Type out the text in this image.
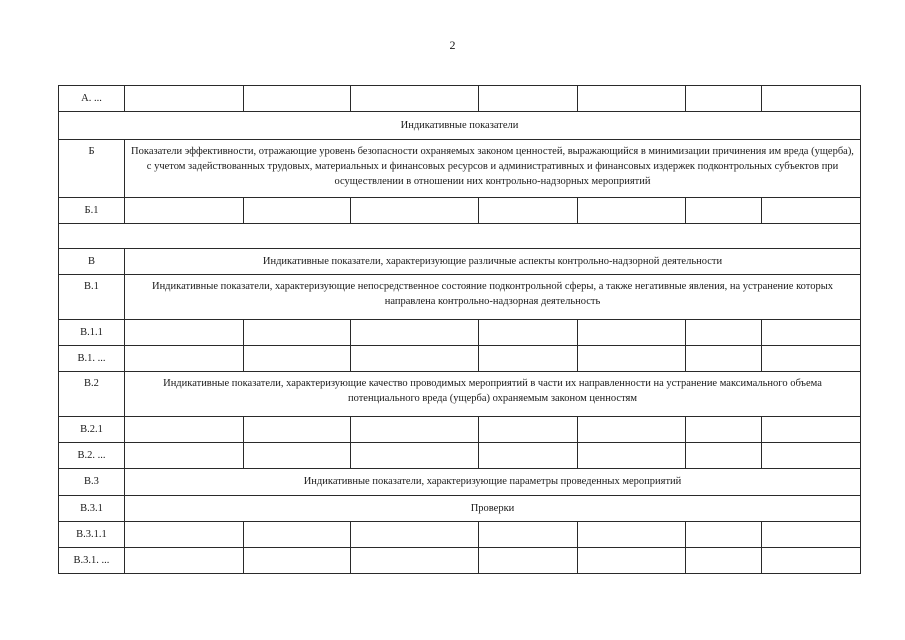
2
А. ...							
Индикативные показатели							
Б	Показатели эффективности, отражающие уровень безопасности охраняемых законом ценностей, выражающийся в минимизации причинения им вреда (ущерба), с учетом задействованных трудовых, материальных и финансовых ресурсов и административных и финансовых издержек подконтрольных субъектов при осуществлении в отношении них контрольно-надзорных мероприятий						
Б.1							

В	Индикативные показатели, характеризующие различные аспекты контрольно-надзорной деятельности						
В.1	Индикативные показатели, характеризующие непосредственное состояние подконтрольной сферы, а также негативные явления, на устранение которых направлена контрольно-надзорная деятельность						
В.1.1							
В.1. ...							
В.2	Индикативные показатели, характеризующие качество проводимых мероприятий в части их направленности на устранение максимального объема потенциального вреда (ущерба) охраняемым законом ценностям						
В.2.1							
В.2. ...							
В.3	Индикативные показатели, характеризующие параметры проведенных мероприятий						
В.3.1	Проверки						
В.3.1.1							
В.3.1. ...							
